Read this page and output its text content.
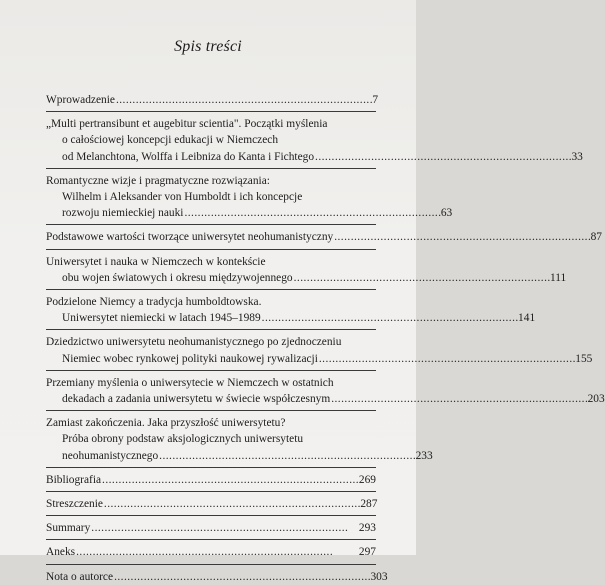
Spis treści
Wprowadzenie . . .	7
„Multi pertransibunt et augebitur scientia". Początki myślenia
o całościowej koncepcji edukacji w Niemczech
od Melanchtona, Wolffa i Leibniza do Kanta i Fichtego . . .	33
Romantyczne wizje i pragmatyczne rozwiązania:
Wilhelm i Aleksander von Humboldt i ich koncepcje
rozwoju niemieckiej nauki . . .	63
Podstawowe wartości tworzące uniwersytet neohumanistyczny . . .	87
Uniwersytet i nauka w Niemczech w kontekście
obu wojen światowych i okresu międzywojennego . . .	111
Podzielone Niemcy a tradycja humboldtowska.
Uniwersytet niemiecki w latach 1945–1989 . . .	141
Dziedzictwo uniwersytetu neohumanistycznego po zjednoczeniu
Niemiec wobec rynkowej polityki naukowej rywalizacji . . .	155
Przemiany myślenia o uniwersytecie w Niemczech w ostatnich
dekadach a zadania uniwersytetu w świecie współczesnym . . .	203
Zamiast zakończenia. Jaka przyszłość uniwersytetu?
Próba obrony podstaw aksjologicznych uniwersytetu
neohumanistycznego . . .	233
Bibliografia . . .	269
Streszczenie . . .	287
Summary . . .	293
Aneks . . .	297
Nota o autorce . . .	303
